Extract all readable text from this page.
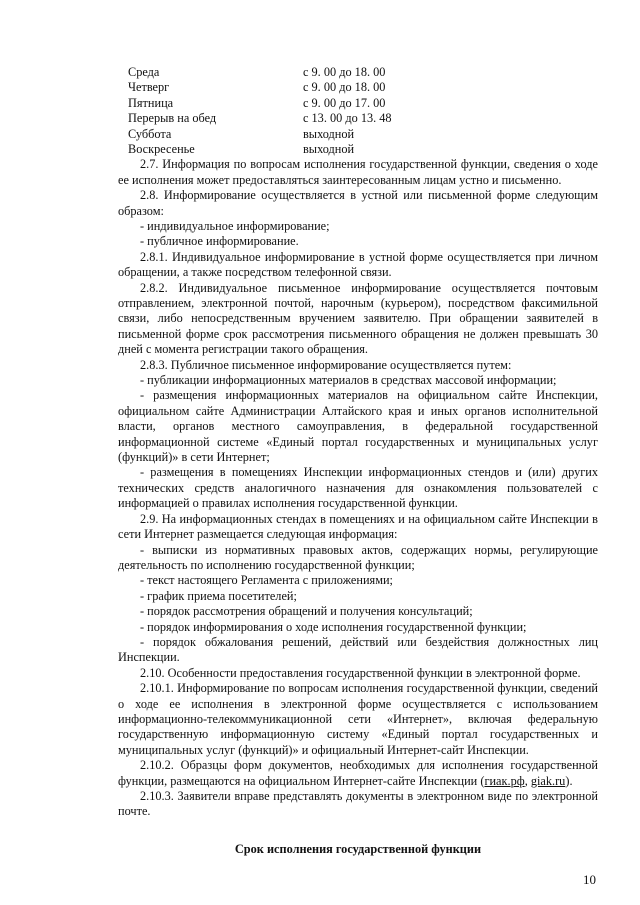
Среда	с 9. 00 до 18. 00
Четверг	с 9. 00 до 18. 00
Пятница	с 9. 00 до 17. 00
Перерыв на обед	с 13. 00 до 13. 48
Суббота	выходной
Воскресенье	выходной

2.7. Информация по вопросам исполнения государственной функции, сведения о ходе ее исполнения может предоставляться заинтересованным лицам устно и письменно.

2.8. Информирование осуществляется в устной или письменной форме следующим образом:

- индивидуальное информирование;

- публичное информирование.

2.8.1. Индивидуальное информирование в устной форме осуществляется при личном обращении, а также посредством телефонной связи.

2.8.2. Индивидуальное письменное информирование осуществляется почтовым отправлением, электронной почтой, нарочным (курьером), посредством факсимильной связи, либо непосредственным вручением заявителю. При обращении заявителей в письменной форме срок рассмотрения письменного обращения не должен превышать 30 дней с момента регистрации такого обращения.

2.8.3. Публичное письменное информирование осуществляется путем:

- публикации информационных материалов в средствах массовой информации;

- размещения информационных материалов на официальном сайте Инспекции, официальном сайте Администрации Алтайского края и иных органов исполнительной власти, органов местного самоуправления, в федеральной государственной информационной системе «Единый портал государственных и муниципальных услуг (функций)» в сети Интернет;

- размещения в помещениях Инспекции информационных стендов и (или) других технических средств аналогичного назначения для ознакомления пользователей с информацией о правилах исполнения государственной функции.

2.9. На информационных стендах в помещениях и на официальном сайте Инспекции в сети Интернет размещается следующая информация:

- выписки из нормативных правовых актов, содержащих нормы, регулирующие деятельность по исполнению государственной функции;

- текст настоящего Регламента с приложениями;

- график приема посетителей;

- порядок рассмотрения обращений и получения консультаций;

- порядок информирования о ходе исполнения государственной функции;

- порядок обжалования решений, действий или бездействия должностных лиц Инспекции.

2.10. Особенности предоставления государственной функции в электронной форме.

2.10.1. Информирование по вопросам исполнения государственной функции, сведений о ходе ее исполнения в электронной форме осуществляется с использованием информационно-телекоммуникационной сети «Интернет», включая федеральную государственную информационную систему «Единый портал государственных и муниципальных услуг (функций)» и официальный Интернет-сайт Инспекции.

2.10.2. Образцы форм документов, необходимых для исполнения государственной функции, размещаются на официальном Интернет-сайте Инспекции (гиак.рф, giak.ru).

2.10.3. Заявители вправе представлять документы в электронном виде по электронной почте.

Срок исполнения государственной функции
10
